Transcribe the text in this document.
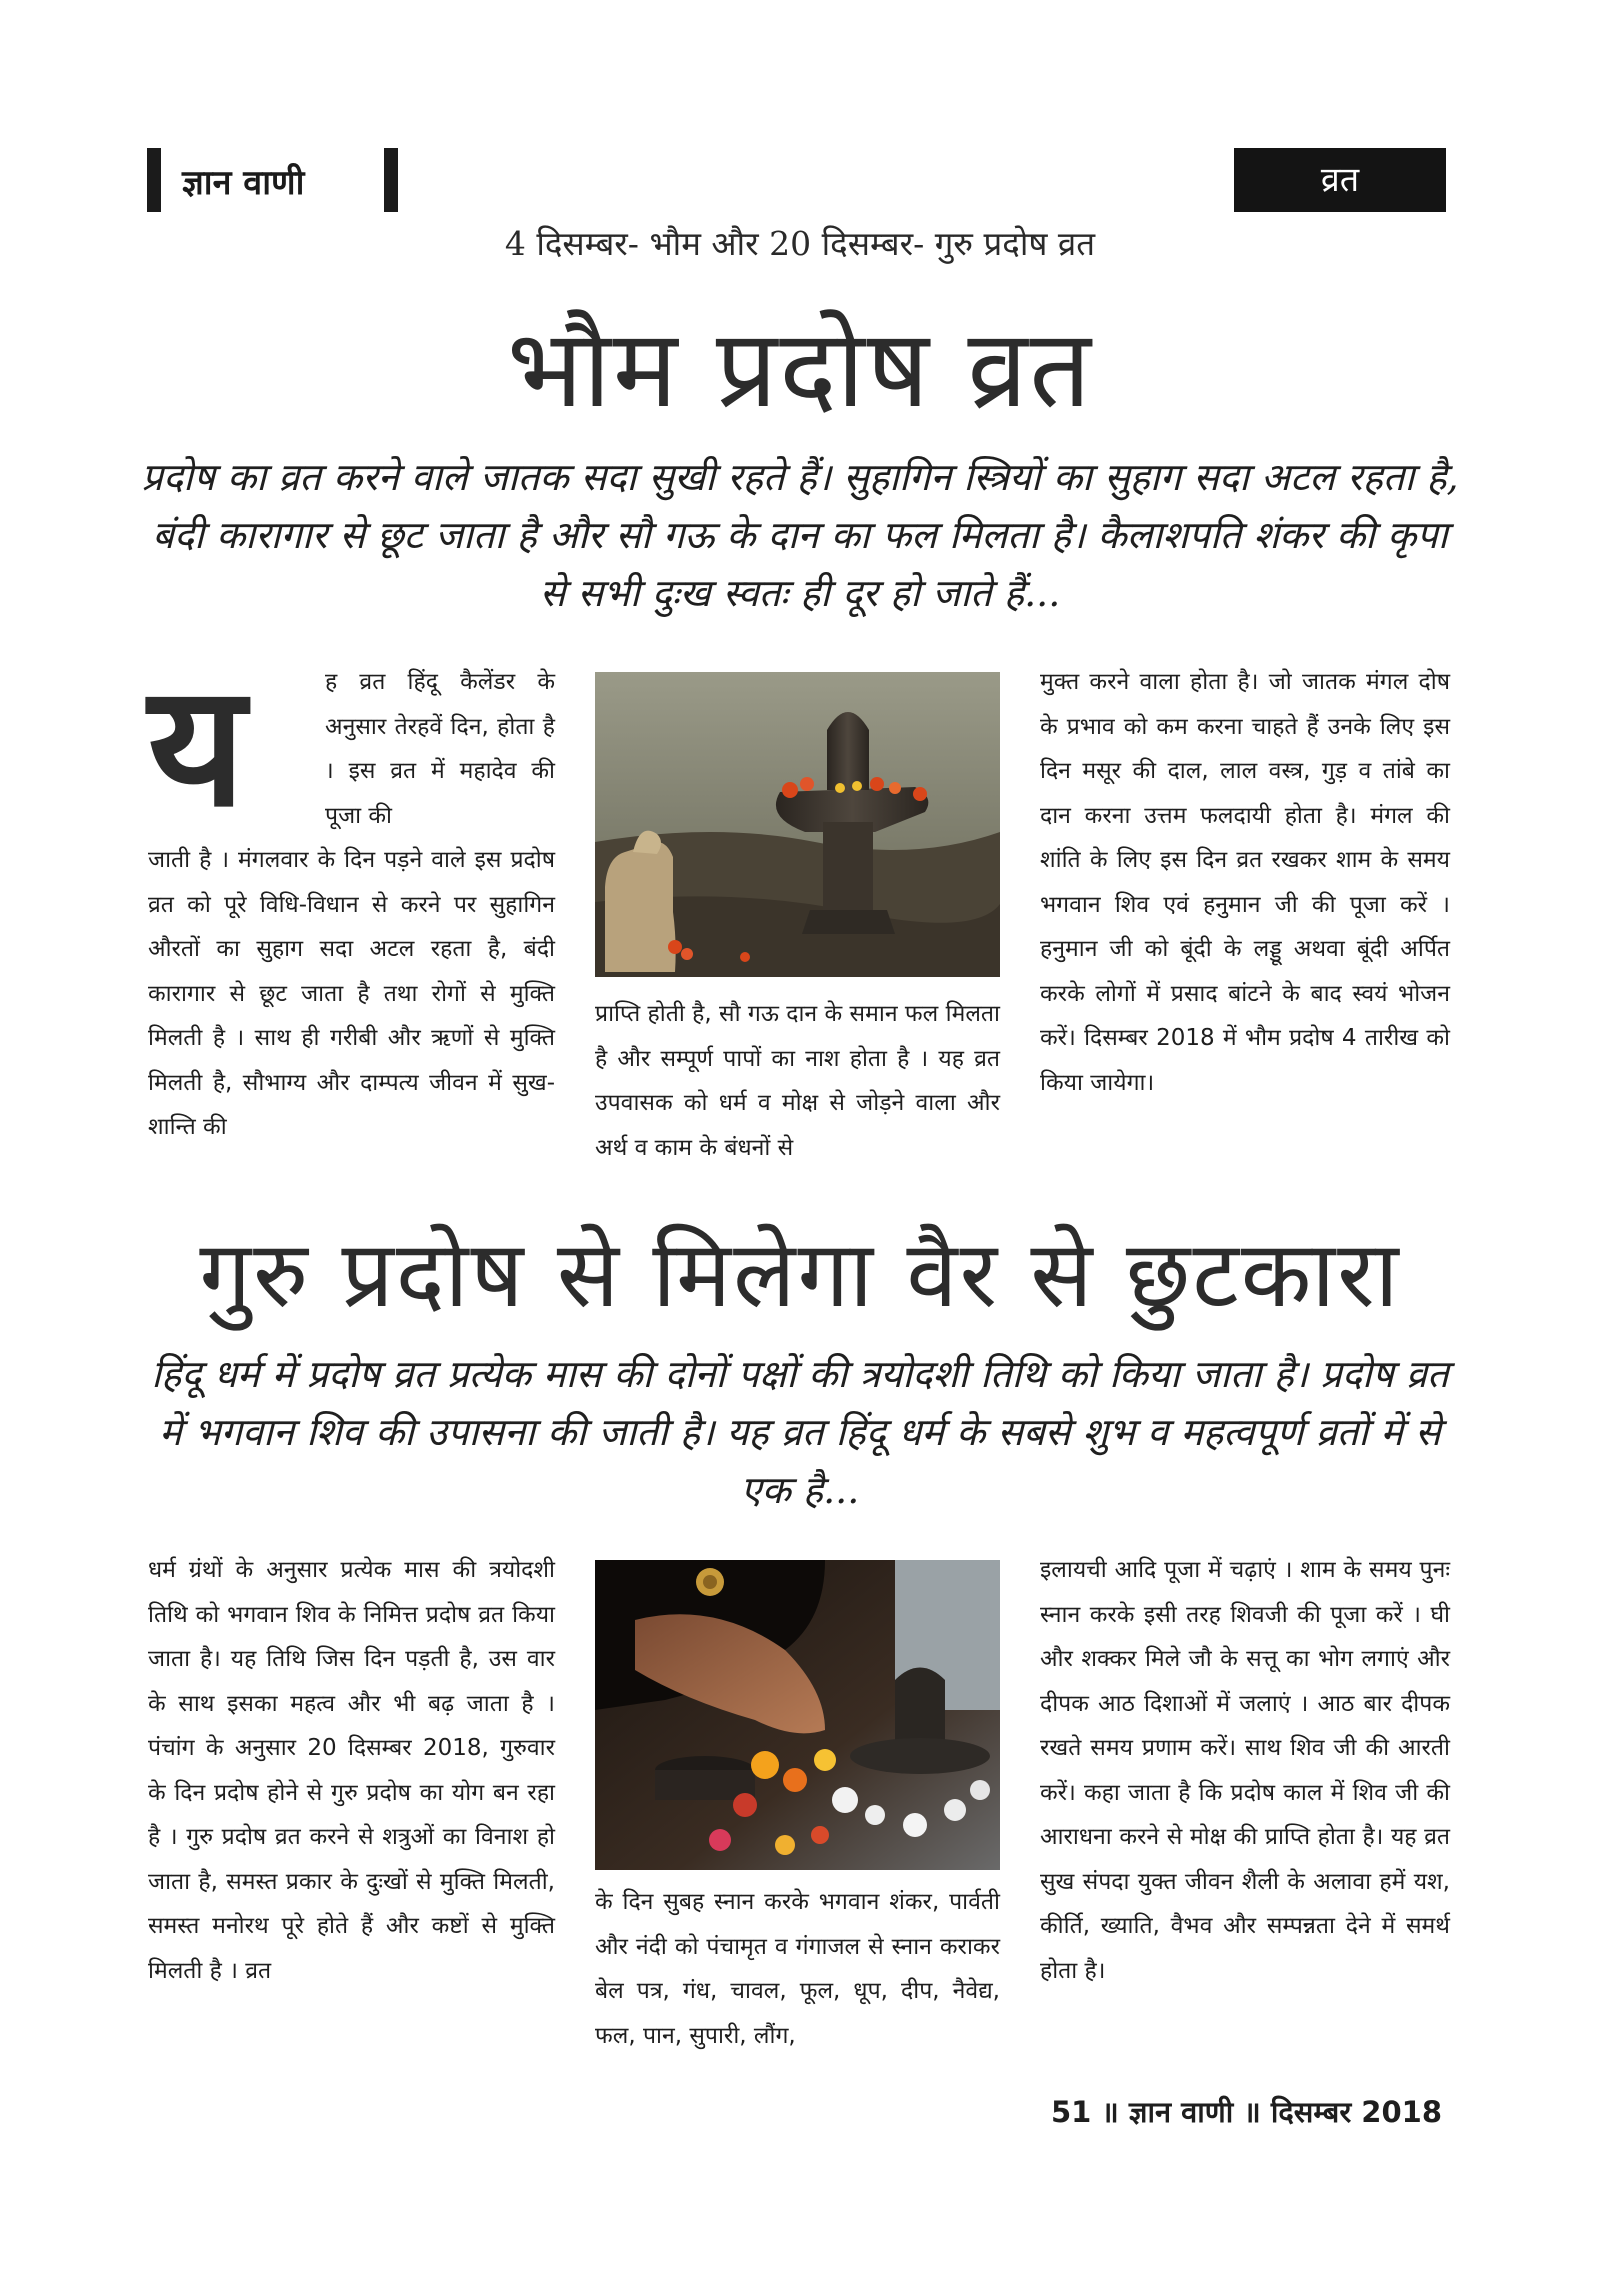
ज्ञान वाणी	व्रत
4 दिसम्बर- भौम और 20 दिसम्बर- गुरु प्रदोष व्रत
भौम प्रदोष व्रत
प्रदोष का व्रत करने वाले जातक सदा सुखी रहते हैं। सुहागिन स्त्रियों का सुहाग सदा अटल रहता है, बंदी कारागार से छूट जाता है और सौ गऊ के दान का फल मिलता है। कैलाशपति शंकर की कृपा से सभी दुःख स्वतः ही दूर हो जाते हैं...
य	ह व्रत हिंदू कैलेंडर के अनुसार तेरहवें दिन, होता है । इस व्रत में महादेव की पूजा की
जाती है । मंगलवार के दिन पड़ने वाले इस प्रदोष व्रत को पूरे विधि-विधान से करने पर सुहागिन औरतों का सुहाग सदा अटल रहता है, बंदी कारागार से छूट जाता है तथा रोगों से मुक्ति मिलती है । साथ ही गरीबी और ऋणों से मुक्ति मिलती है, सौभाग्य और दाम्पत्य जीवन में सुख-शान्ति की
प्राप्ति होती है, सौ गऊ दान के समान फल मिलता है और सम्पूर्ण पापों का नाश होता है । यह व्रत उपवासक को धर्म व मोक्ष से जोड़ने वाला और अर्थ व काम के बंधनों से
मुक्त करने वाला होता है। जो जातक मंगल दोष के प्रभाव को कम करना चाहते हैं उनके लिए इस दिन मसूर की दाल, लाल वस्त्र, गुड़ व तांबे का दान करना उत्तम फलदायी होता है। मंगल की शांति के लिए इस दिन व्रत रखकर शाम के समय भगवान शिव एवं हनुमान जी की पूजा करें । हनुमान जी को बूंदी के लड्डू अथवा बूंदी अर्पित करके लोगों में प्रसाद बांटने के बाद स्वयं भोजन करें। दिसम्बर 2018 में भौम प्रदोष 4 तारीख को किया जायेगा।
गुरु प्रदोष से मिलेगा वैर से छुटकारा
हिंदू धर्म में प्रदोष व्रत प्रत्येक मास की दोनों पक्षों की त्रयोदशी तिथि को किया जाता है। प्रदोष व्रत में भगवान शिव की उपासना की जाती है। यह व्रत हिंदू धर्म के सबसे शुभ व महत्वपूर्ण व्रतों में से एक है...
धर्म ग्रंथों के अनुसार प्रत्येक मास की त्रयोदशी तिथि को भगवान शिव के निमित्त प्रदोष व्रत किया जाता है। यह तिथि जिस दिन पड़ती है, उस वार के साथ इसका महत्व और भी बढ़ जाता है । पंचांग के अनुसार 20 दिसम्बर 2018, गुरुवार के दिन प्रदोष होने से गुरु प्रदोष का योग बन रहा है । गुरु प्रदोष व्रत करने से शत्रुओं का विनाश हो जाता है, समस्त प्रकार के दुःखों से मुक्ति मिलती, समस्त मनोरथ पूरे होते हैं और कष्टों से मुक्ति मिलती है । व्रत
के दिन सुबह स्नान करके भगवान शंकर, पार्वती और नंदी को पंचामृत व गंगाजल से स्नान कराकर बेल पत्र, गंध, चावल, फूल, धूप, दीप, नैवेद्य, फल, पान, सुपारी, लौंग,
इलायची आदि पूजा में चढ़ाएं । शाम के समय पुनः स्नान करके इसी तरह शिवजी की पूजा करें । घी और शक्कर मिले जौ के सत्तू का भोग लगाएं और दीपक आठ दिशाओं में जलाएं । आठ बार दीपक रखते समय प्रणाम करें। साथ शिव जी की आरती करें। कहा जाता है कि प्रदोष काल में शिव जी की आराधना करने से मोक्ष की प्राप्ति होता है। यह व्रत सुख संपदा युक्त जीवन शैली के अलावा हमें यश, कीर्ति, ख्याति, वैभव और सम्पन्नता देने में समर्थ होता है।
51 ॥ ज्ञान वाणी ॥ दिसम्बर 2018
